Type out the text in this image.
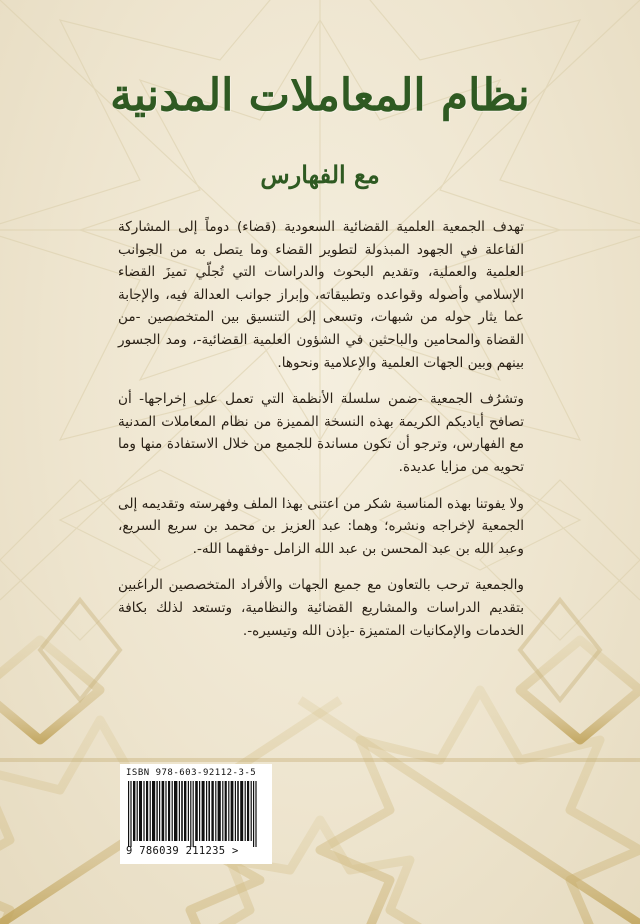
نظام المعاملات المدنية
مع الفهارس

تهدف الجمعية العلمية القضائية السعودية (قضاء) دوماً إلى المشاركة الفاعلة في الجهود المبذولة لتطوير القضاء وما يتصل به من الجوانب العلمية والعملية، وتقديم البحوث والدراسات التي تُجلّي تميزَ القضاء الإسلامي وأصوله وقواعده وتطبيقاته، وإبراز جوانب العدالة فيه، والإجابة عما يثار حوله من شبهات، وتسعى إلى التنسيق بين المتخصصين -من القضاة والمحامين والباحثين في الشؤون العلمية القضائية-، ومد الجسور بينهم وبين الجهات العلمية والإعلامية ونحوها.

وتشرُف الجمعية -ضمن سلسلة الأنظمة التي تعمل على إخراجها- أن تصافح أياديكم الكريمة بهذه النسخة المميزة من نظام المعاملات المدنية مع الفهارس، وترجو أن تكون مساندة للجميع من خلال الاستفادة منها وما تحويه من مزايا عديدة.

ولا يفوتنا بهذه المناسبة شكر من اعتنى بهذا الملف وفهرسته وتقديمه إلى الجمعية لإخراجه ونشره؛ وهما: عبد العزيز بن محمد بن سريع السريع، وعبد الله بن عبد المحسن بن عبد الله الزامل -وفقهما الله-.

والجمعية ترحب بالتعاون مع جميع الجهات والأفراد المتخصصين الراغبين بتقديم الدراسات والمشاريع القضائية والنظامية، وتستعد لذلك بكافة الخدمات والإمكانيات المتميزة -بإذن الله وتيسيره-.

ISBN 978-603-92112-3-5
9 786039 211235 >
